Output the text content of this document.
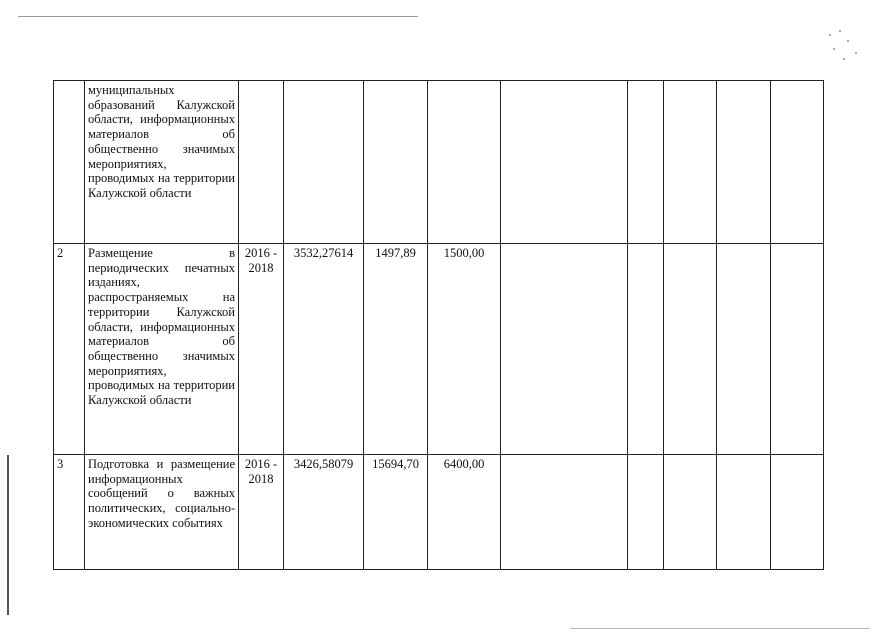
	муниципальных образований Калужской области, информационных материалов об общественно значимых мероприятиях, проводимых на территории Калужской области									
2	Размещение в периодических печатных изданиях, распространяемых на территории Калужской области, информационных материалов об общественно значимых мероприятиях, проводимых на территории Калужской области	2016 - 2018	3532,27614	1497,89	1500,00					
3	Подготовка и размещение информационных сообщений о важных политических, социально-экономических событиях	2016 - 2018	3426,58079	15694,70	6400,00					
